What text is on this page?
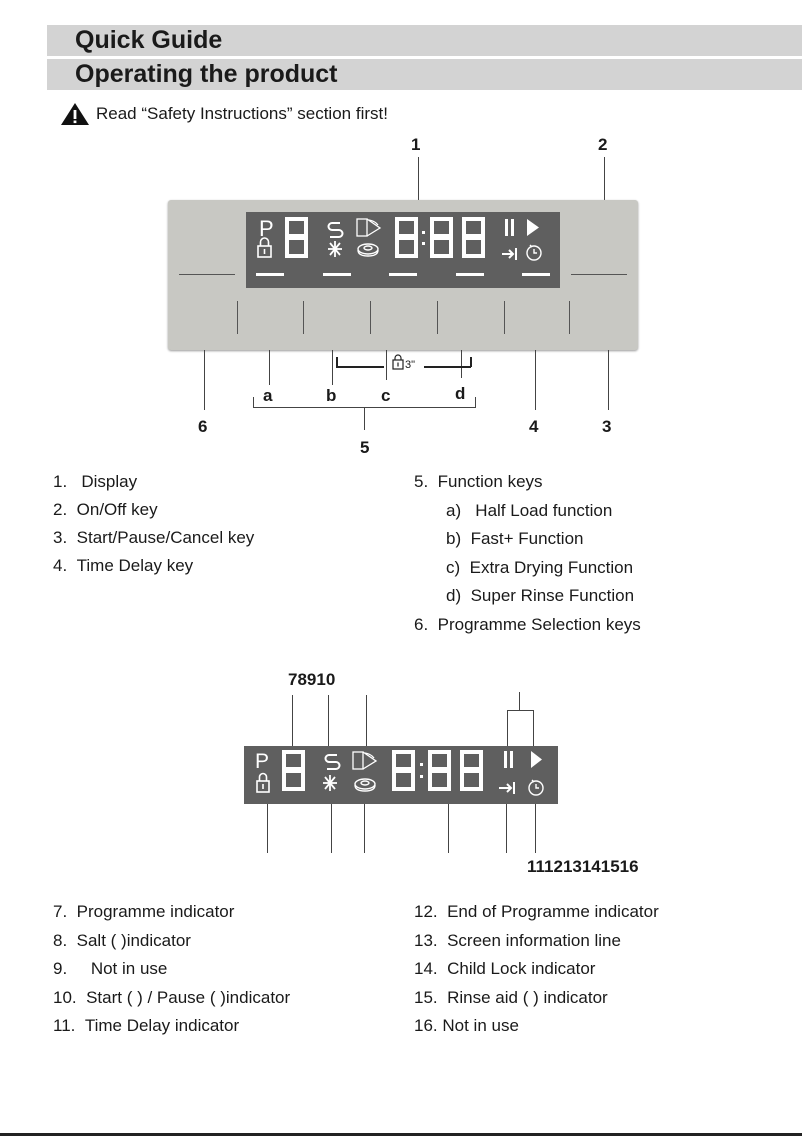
Quick Guide
Operating the product
Read “Safety Instructions” section first!
1	2
P
3"
a	b	c	d
6	4	3
5
1. Display
2. On/Off key
3. Start/Pause/Cancel key
4. Time Delay key
5. Function keys
a) Half Load function
b) Fast+ Function
c) Extra Drying Function
d) Super Rinse Function
6. Programme Selection keys
78910
P
111213141516
7. Programme indicator
8. Salt ( )indicator
9. Not in use
10. Start ( ) / Pause ( )indicator
11. Time Delay indicator
12. End of Programme indicator
13. Screen information line
14. Child Lock indicator
15. Rinse aid ( ) indicator
16. Not in use
